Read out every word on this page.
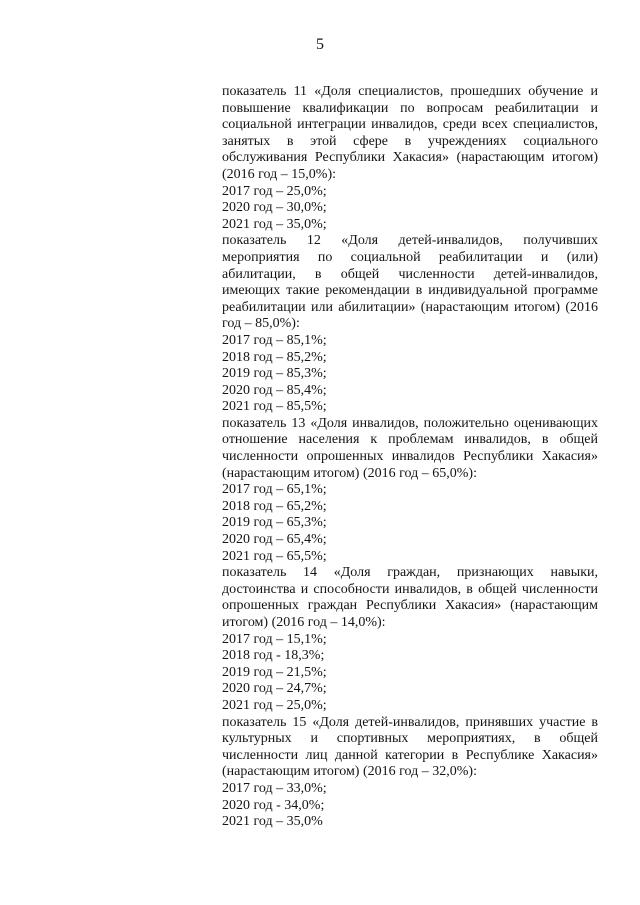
5
показатель 11 «Доля специалистов, прошедших обучение и
повышение квалификации по вопросам реабилитации и
социальной интеграции инвалидов, среди всех специалистов,
занятых в этой сфере в учреждениях социального
обслуживания Республики Хакасия» (нарастающим итогом)
(2016 год – 15,0%):
2017 год – 25,0%;
2020 год – 30,0%;
2021 год – 35,0%;
показатель 12 «Доля детей-инвалидов, получивших
мероприятия по социальной реабилитации и (или)
абилитации, в общей численности детей-инвалидов,
имеющих такие рекомендации в индивидуальной программе
реабилитации или абилитации» (нарастающим итогом) (2016
год – 85,0%):
2017 год – 85,1%;
2018 год – 85,2%;
2019 год – 85,3%;
2020 год – 85,4%;
2021 год – 85,5%;
показатель 13 «Доля инвалидов, положительно оценивающих
отношение населения к проблемам инвалидов, в общей
численности опрошенных инвалидов Республики Хакасия»
(нарастающим итогом) (2016 год – 65,0%):
2017 год – 65,1%;
2018 год – 65,2%;
2019 год – 65,3%;
2020 год – 65,4%;
2021 год – 65,5%;
показатель 14 «Доля граждан, признающих навыки,
достоинства и способности инвалидов, в общей численности
опрошенных граждан Республики Хакасия» (нарастающим
итогом) (2016 год – 14,0%):
2017 год – 15,1%;
2018 год - 18,3%;
2019 год – 21,5%;
2020 год – 24,7%;
2021 год – 25,0%;
показатель 15 «Доля детей-инвалидов, принявших участие в
культурных и спортивных мероприятиях, в общей
численности лиц данной категории в Республике Хакасия»
(нарастающим итогом) (2016 год – 32,0%):
2017 год – 33,0%;
2020 год - 34,0%;
2021 год – 35,0%
